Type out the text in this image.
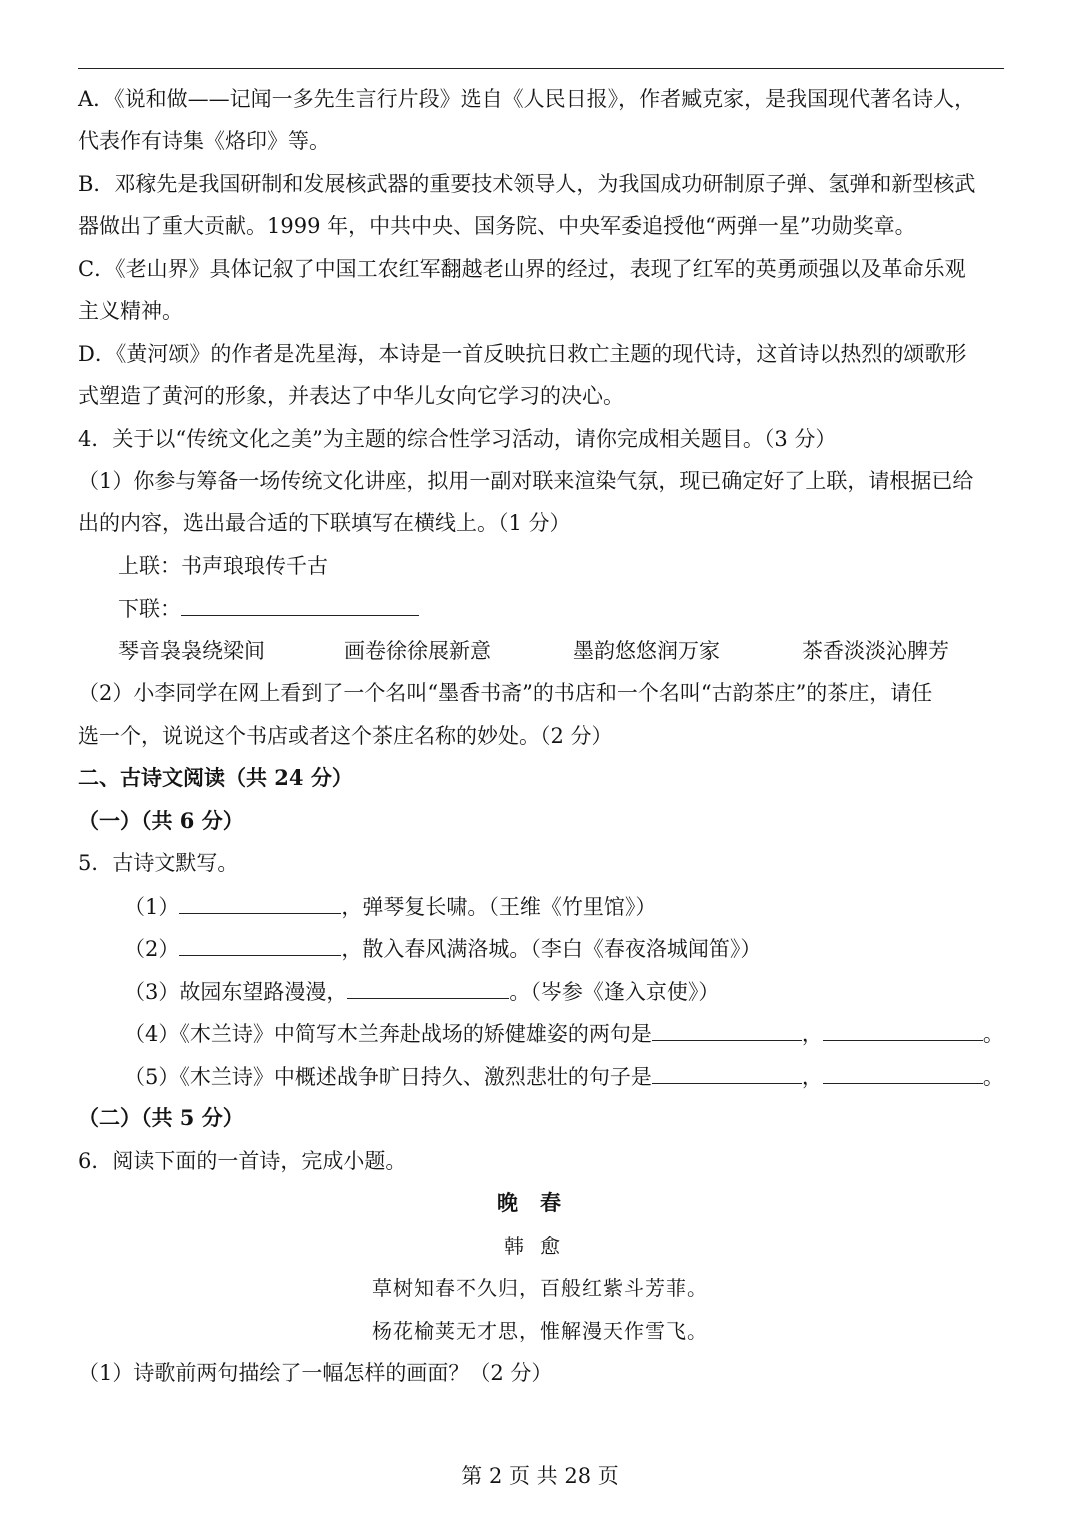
A．《说和做——记闻一多先生言行片段》选自《人民日报》，作者臧克家，是我国现代著名诗人，
代表作有诗集《烙印》等。
B．邓稼先是我国研制和发展核武器的重要技术领导人，为我国成功研制原子弹、氢弹和新型核武
器做出了重大贡献。1999 年，中共中央、国务院、中央军委追授他“两弹一星”功勋奖章。
C．《老山界》具体记叙了中国工农红军翻越老山界的经过，表现了红军的英勇顽强以及革命乐观
主义精神。
D．《黄河颂》的作者是冼星海，本诗是一首反映抗日救亡主题的现代诗，这首诗以热烈的颂歌形
式塑造了黄河的形象，并表达了中华儿女向它学习的决心。
4．关于以“传统文化之美”为主题的综合性学习活动，请你完成相关题目。（3 分）
（1）你参与筹备一场传统文化讲座，拟用一副对联来渲染气氛，现已确定好了上联，请根据已给
出的内容，选出最合适的下联填写在横线上。（1 分）
上联：书声琅琅传千古
下联：
琴音袅袅绕梁间	画卷徐徐展新意	墨韵悠悠润万家	茶香淡淡沁脾芳
（2）小李同学在网上看到了一个名叫“墨香书斋”的书店和一个名叫“古韵茶庄”的茶庄，请任
选一个，说说这个书店或者这个茶庄名称的妙处。（2 分）
二、古诗文阅读（共 24 分）
（一）（共 6 分）
5．古诗文默写。
（1）	，弹琴复长啸。（王维《竹里馆》）
（2）	，散入春风满洛城。（李白《春夜洛城闻笛》）
（3）故园东望路漫漫，	。（岑参《逢入京使》）
（4）《木兰诗》中简写木兰奔赴战场的矫健雄姿的两句是	，	。
（5）《木兰诗》中概述战争旷日持久、激烈悲壮的句子是	，	。
（二）（共 5 分）
6．阅读下面的一首诗，完成小题。
晚春
韩愈
草树知春不久归，百般红紫斗芳菲。
杨花榆荚无才思，惟解漫天作雪飞。
（1）诗歌前两句描绘了一幅怎样的画面？（2 分）
第 2 页 共 28 页
